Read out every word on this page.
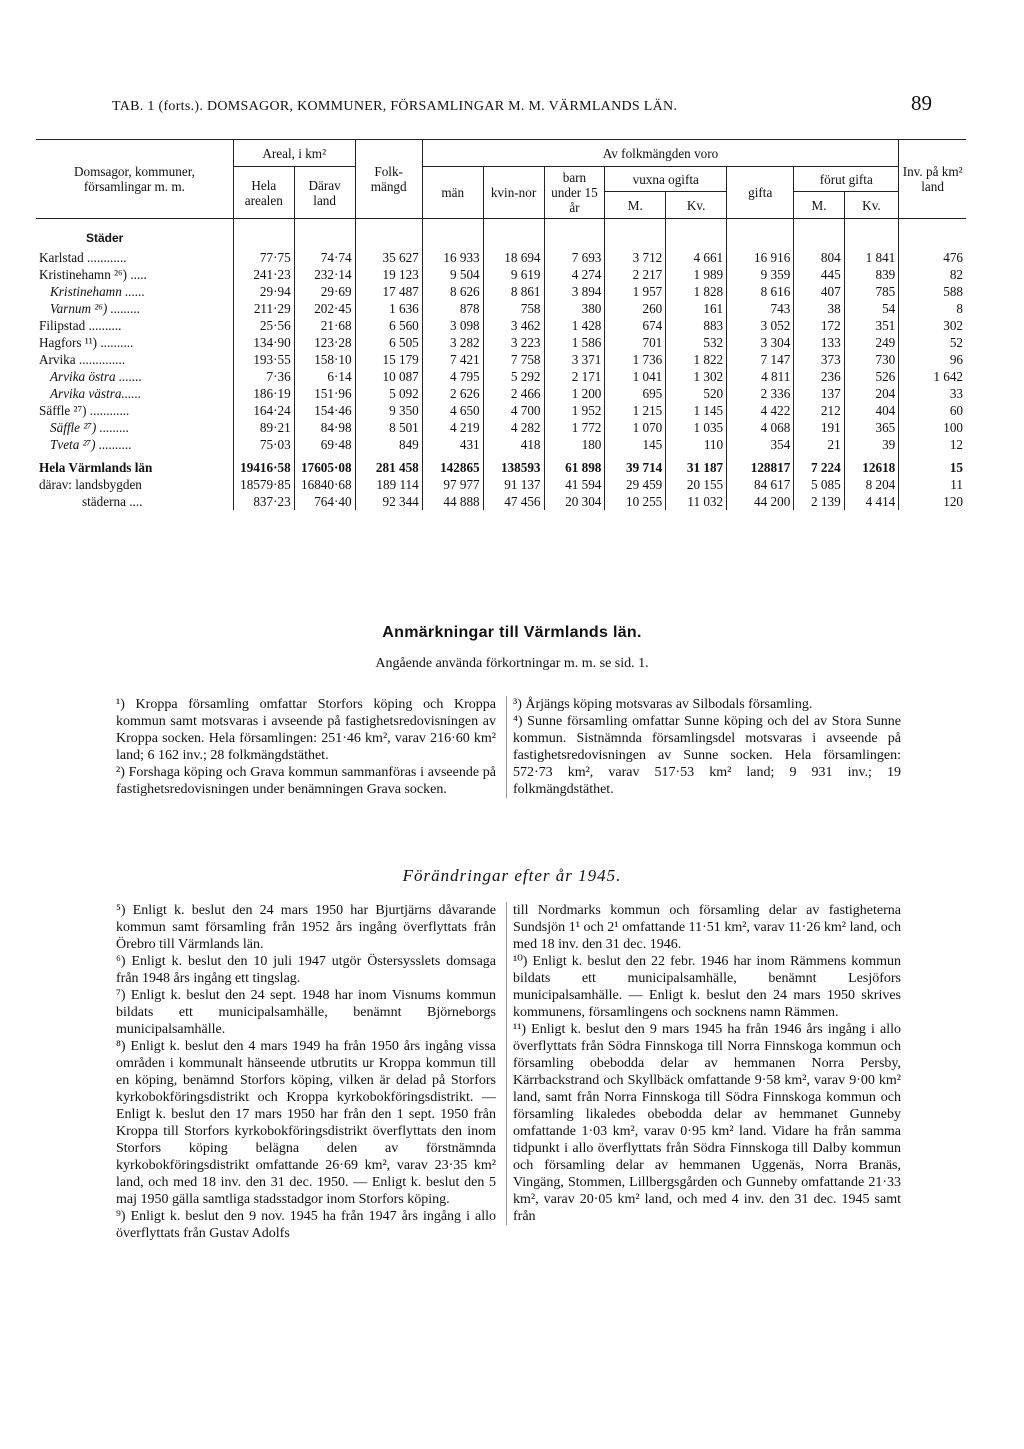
TAB. 1 (forts.). DOMSAGOR, KOMMUNER, FÖRSAMLINGAR M. M. VÄRMLANDS LÄN.	89
Domsagor, kommuner, församlingar m. m.	Areal, i km²		Folk-mängd	Av folkmängden voro								Inv. på km² land
	Hela arealen	Därav land		män	kvin-nor	barn under 15 år	vuxna ogifta		gifta	förut gifta		
							M.	Kv.		M.	Kv.	

Städer												
Karlstad ............	77·75	74·74	35 627	16 933	18 694	7 693	3 712	4 661	16 916	804	1 841	476
Kristinehamn ²⁶) .....	241·23	232·14	19 123	9 504	9 619	4 274	2 217	1 989	9 359	445	839	82
Kristinehamn ......	29·94	29·69	17 487	8 626	8 861	3 894	1 957	1 828	8 616	407	785	588
Varnum ²⁶) .........	211·29	202·45	1 636	878	758	380	260	161	743	38	54	8
Filipstad ..........	25·56	21·68	6 560	3 098	3 462	1 428	674	883	3 052	172	351	302
Hagfors ¹¹) ..........	134·90	123·28	6 505	3 282	3 223	1 586	701	532	3 304	133	249	52
Arvika ..............	193·55	158·10	15 179	7 421	7 758	3 371	1 736	1 822	7 147	373	730	96
Arvika östra .......	7·36	6·14	10 087	4 795	5 292	2 171	1 041	1 302	4 811	236	526	1 642
Arvika västra......	186·19	151·96	5 092	2 626	2 466	1 200	695	520	2 336	137	204	33
Säffle ²⁷) ............	164·24	154·46	9 350	4 650	4 700	1 952	1 215	1 145	4 422	212	404	60
Säffle ²⁷) .........	89·21	84·98	8 501	4 219	4 282	1 772	1 070	1 035	4 068	191	365	100
Tveta ²⁷) ..........	75·03	69·48	849	431	418	180	145	110	354	21	39	12

Hela Värmlands län	19416·58	17605·08	281 458	142865	138593	61 898	39 714	31 187	128817	7 224	12618	15
därav: landsbygden	18579·85	16840·68	189 114	97 977	91 137	41 594	29 459	20 155	84 617	5 085	8 204	11
städerna ....	837·23	764·40	92 344	44 888	47 456	20 304	10 255	11 032	44 200	2 139	4 414	120
Anmärkningar till Värmlands län.
Angående använda förkortningar m. m. se sid. 1.

¹) Kroppa församling omfattar Storfors köping och Kroppa kommun samt motsvaras i avseende på fastighetsredovisningen av Kroppa socken. Hela församlingen: 251·46 km², varav 216·60 km² land; 6 162 inv.; 28 folkmängdstäthet.

²) Forshaga köping och Grava kommun sammanföras i avseende på fastighetsredovisningen under benämningen Grava socken.

³) Årjängs köping motsvaras av Silbodals församling.

⁴) Sunne församling omfattar Sunne köping och del av Stora Sunne kommun. Sistnämnda församlingsdel motsvaras i avseende på fastighetsredovisningen av Sunne socken. Hela församlingen: 572·73 km², varav 517·53 km² land; 9 931 inv.; 19 folkmängdstäthet.

Förändringar efter år 1945.

⁵) Enligt k. beslut den 24 mars 1950 har Bjurtjärns dåvarande kommun samt församling från 1952 års ingång överflyttats från Örebro till Värmlands län.

⁶) Enligt k. beslut den 10 juli 1947 utgör Östersysslets domsaga från 1948 års ingång ett tingslag.

⁷) Enligt k. beslut den 24 sept. 1948 har inom Visnums kommun bildats ett municipalsamhälle, benämnt Björneborgs municipalsamhälle.

⁸) Enligt k. beslut den 4 mars 1949 ha från 1950 års ingång vissa områden i kommunalt hänseende utbrutits ur Kroppa kommun till en köping, benämnd Storfors köping, vilken är delad på Storfors kyrkobokföringsdistrikt och Kroppa kyrkobokföringsdistrikt. — Enligt k. beslut den 17 mars 1950 har från den 1 sept. 1950 från Kroppa till Storfors kyrkobokföringsdistrikt överflyttats den inom Storfors köping belägna delen av förstnämnda kyrkobokföringsdistrikt omfattande 26·69 km², varav 23·35 km² land, och med 18 inv. den 31 dec. 1950. — Enligt k. beslut den 5 maj 1950 gälla samtliga stadsstadgor inom Storfors köping.

⁹) Enligt k. beslut den 9 nov. 1945 ha från 1947 års ingång i allo överflyttats från Gustav Adolfs

till Nordmarks kommun och församling delar av fastigheterna Sundsjön 1¹ och 2¹ omfattande 11·51 km², varav 11·26 km² land, och med 18 inv. den 31 dec. 1946.

¹⁰) Enligt k. beslut den 22 febr. 1946 har inom Rämmens kommun bildats ett municipalsamhälle, benämnt Lesjöfors municipalsamhälle. — Enligt k. beslut den 24 mars 1950 skrives kommunens, församlingens och socknens namn Rämmen.

¹¹) Enligt k. beslut den 9 mars 1945 ha från 1946 års ingång i allo överflyttats från Södra Finnskoga till Norra Finnskoga kommun och församling obebodda delar av hemmanen Norra Persby, Kärrbackstrand och Skyllbäck omfattande 9·58 km², varav 9·00 km² land, samt från Norra Finnskoga till Södra Finnskoga kommun och församling likaledes obebodda delar av hemmanet Gunneby omfattande 1·03 km², varav 0·95 km² land. Vidare ha från samma tidpunkt i allo överflyttats från Södra Finnskoga till Dalby kommun och församling delar av hemmanen Uggenäs, Norra Branäs, Vingäng, Stommen, Lillbergsgården och Gunneby omfattande 21·33 km², varav 20·05 km² land, och med 4 inv. den 31 dec. 1945 samt från
